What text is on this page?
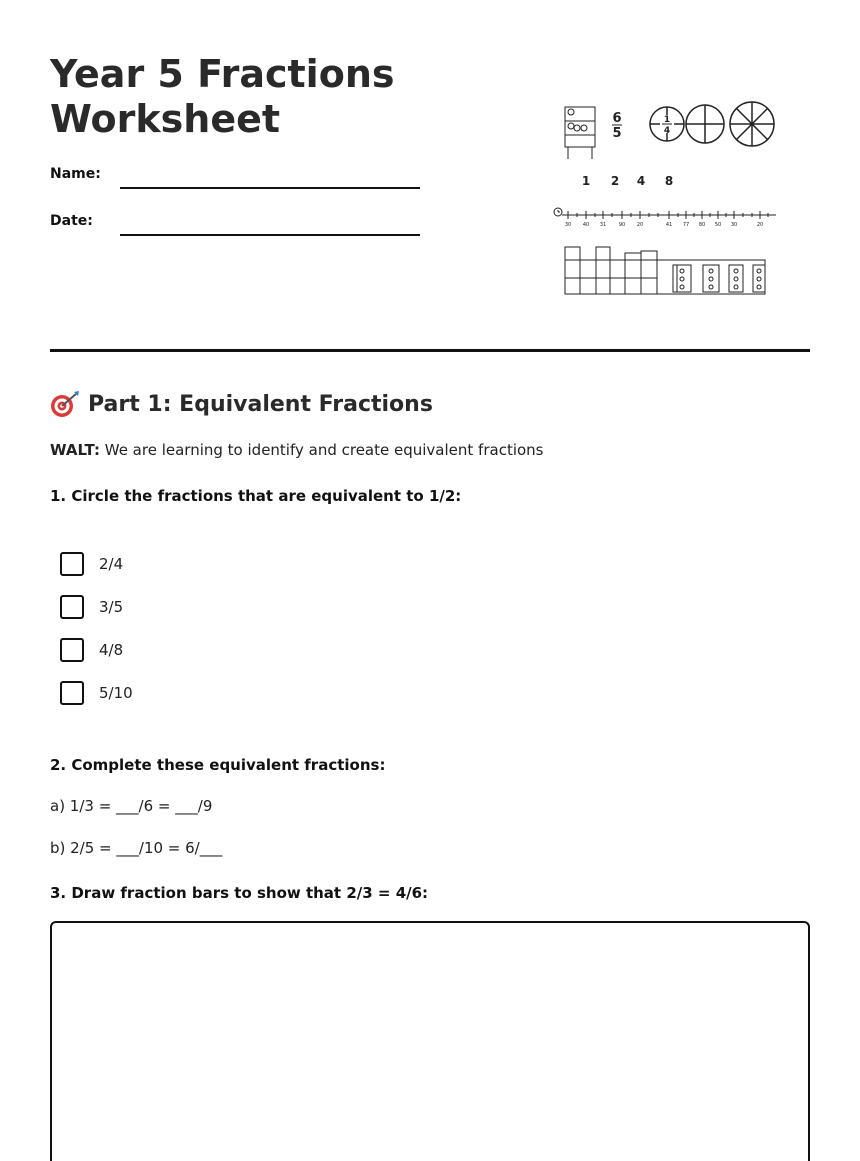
Year 5 Fractions Worksheet
Name:
Date:
6
5
1
4
1 2 4 8
30 40 31	90 20	41 77 80 50 30	20
Part 1: Equivalent Fractions

WALT: We are learning to identify and create equivalent fractions

1. Circle the fractions that are equivalent to 1/2:
2/4
3/5
4/8
5/10
2. Complete these equivalent fractions:
a) 1/3 = ___/6 = ___/9
b) 2/5 = ___/10 = 6/___
3. Draw fraction bars to show that 2/3 = 4/6:
